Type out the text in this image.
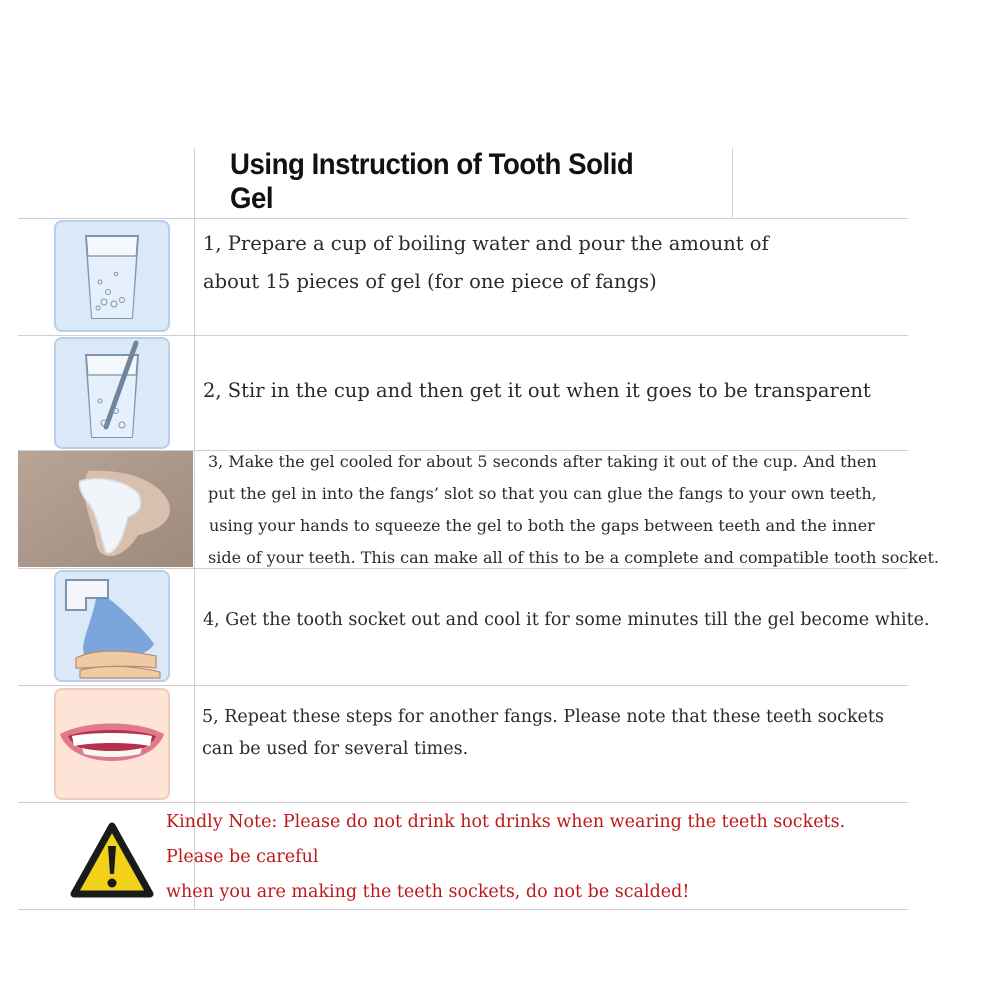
Using Instruction of Tooth Solid Gel
1, Prepare a cup of boiling water and pour the amount of
about 15 pieces of gel (for one piece of fangs)
2, Stir in the cup and then get it out when it goes to be transparent
3, Make the gel cooled for about 5 seconds after taking it out of the cup. And then
put the gel in into the fangs’ slot so that you can glue the fangs to your own teeth,
using your hands to squeeze the gel to both the gaps between teeth and the inner
side of your teeth. This can make all of this to be a complete and compatible tooth socket.
4, Get the tooth socket out and cool it for some minutes till the gel become white.
5, Repeat these steps for another fangs. Please note that these teeth sockets
can be used for several times.
Kindly Note: Please do not drink hot drinks when wearing the teeth sockets.
Please be careful
when you are making the teeth sockets, do not be scalded!
